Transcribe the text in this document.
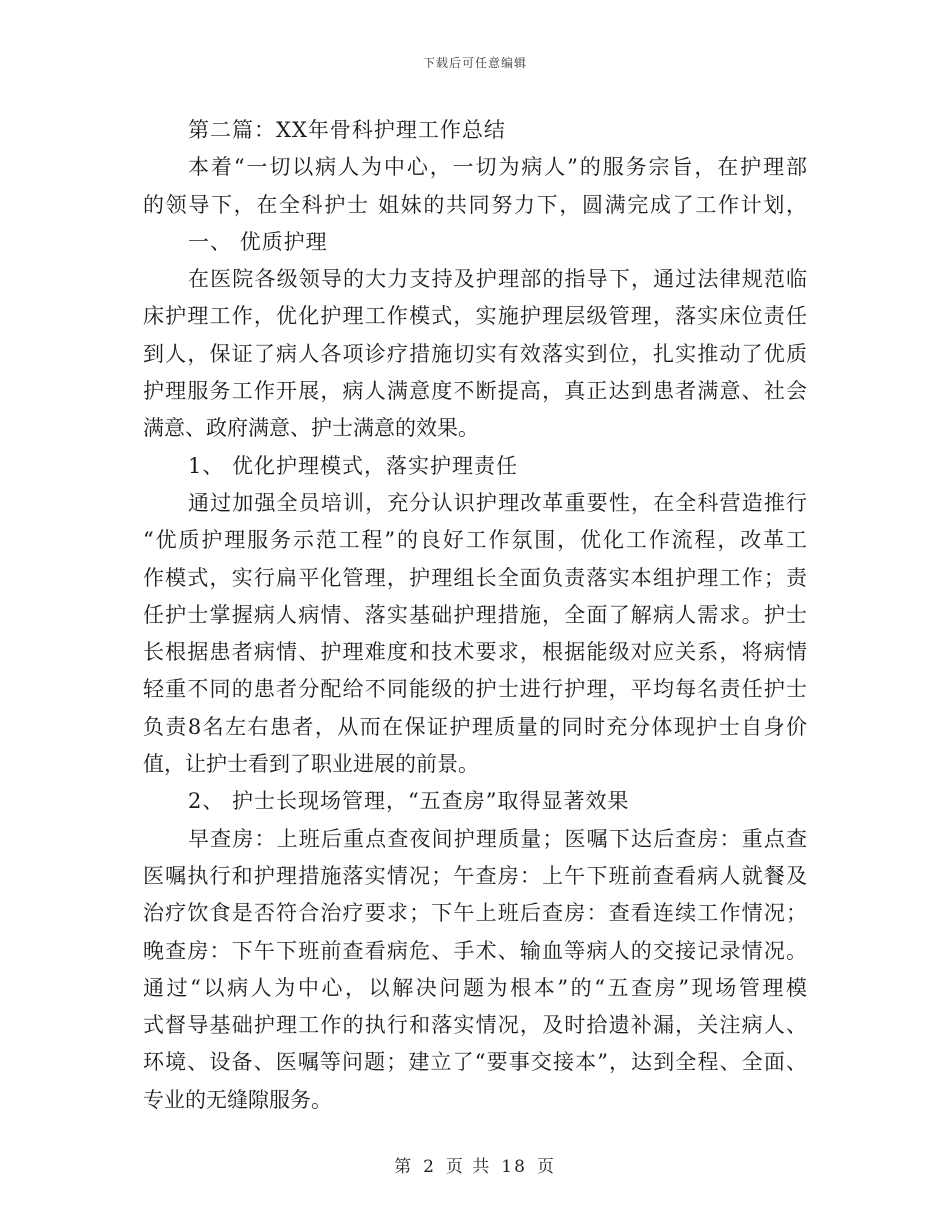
下载后可任意编辑
第二篇：XX年骨科护理工作总结
本着“一切以病人为中心，一切为病人”的服务宗旨，在护理部
的领导下，在全科护士 姐妹的共同努力下，圆满完成了工作计划，
一、 优质护理
在医院各级领导的大力支持及护理部的指导下，通过法律规范临
床护理工作，优化护理工作模式，实施护理层级管理，落实床位责任
到人，保证了病人各项诊疗措施切实有效落实到位，扎实推动了优质
护理服务工作开展，病人满意度不断提高，真正达到患者满意、社会
满意、政府满意、护士满意的效果。
1、 优化护理模式，落实护理责任
通过加强全员培训，充分认识护理改革重要性，在全科营造推行
“优质护理服务示范工程”的良好工作氛围，优化工作流程，改革工
作模式，实行扁平化管理，护理组长全面负责落实本组护理工作；责
任护士掌握病人病情、落实基础护理措施，全面了解病人需求。护士
长根据患者病情、护理难度和技术要求，根据能级对应关系，将病情
轻重不同的患者分配给不同能级的护士进行护理，平均每名责任护士
负责8名左右患者，从而在保证护理质量的同时充分体现护士自身价
值，让护士看到了职业进展的前景。
2、 护士长现场管理，“五查房”取得显著效果
早查房：上班后重点查夜间护理质量；医嘱下达后查房：重点查
医嘱执行和护理措施落实情况；午查房：上午下班前查看病人就餐及
治疗饮食是否符合治疗要求；下午上班后查房：查看连续工作情况；
晚查房：下午下班前查看病危、手术、输血等病人的交接记录情况。
通过“以病人为中心，以解决问题为根本”的“五查房”现场管理模
式督导基础护理工作的执行和落实情况，及时拾遗补漏，关注病人、
环境、设备、医嘱等问题；建立了“要事交接本”，达到全程、全面、
专业的无缝隙服务。
第 2 页 共 18 页
